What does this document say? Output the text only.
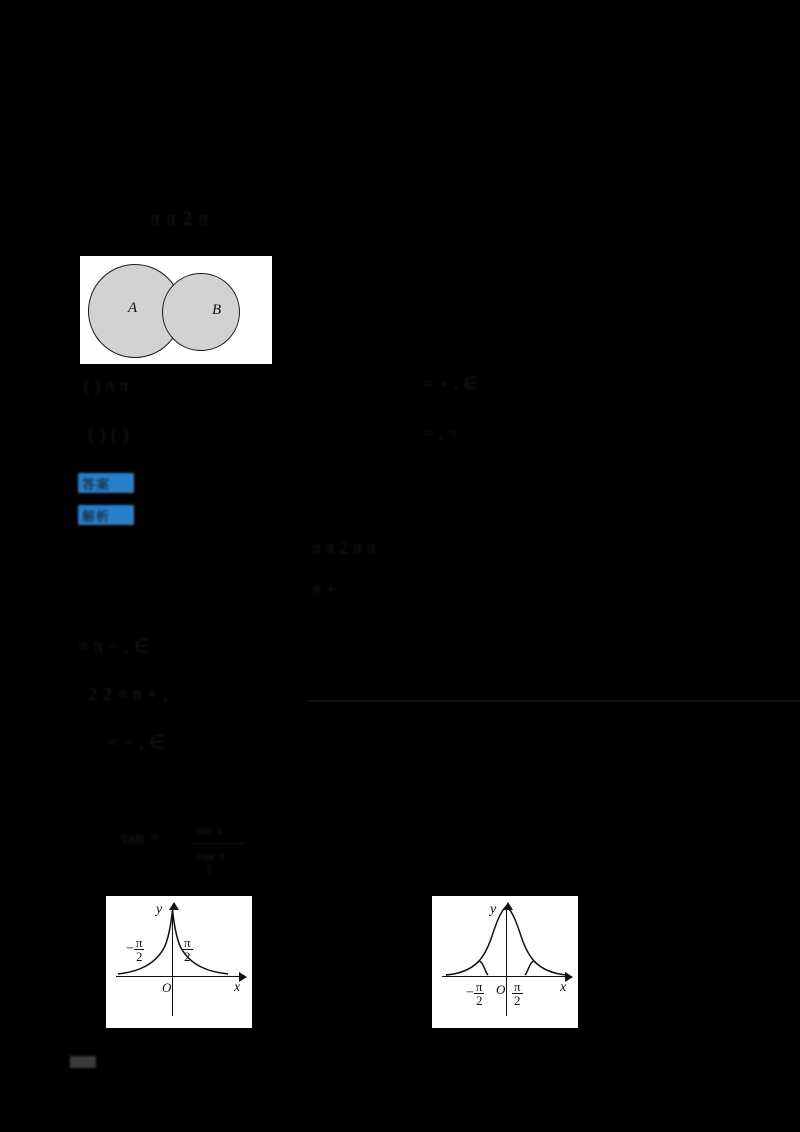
π π 2 π
A	B
·
·
( ) π π	= + , ∈
( ) ( )	= , =
答案
解析
π π 2 π π
π +
·
= π − , ∈
2 2 = π + ,
= − , ∈
tan =	sin x
cos x
2
y
x
O
− $\frac{\pi}{2}$	$\frac{\pi}{2}$
y
x
O
− $\frac{\pi}{2} \frac{\pi}{2}$
